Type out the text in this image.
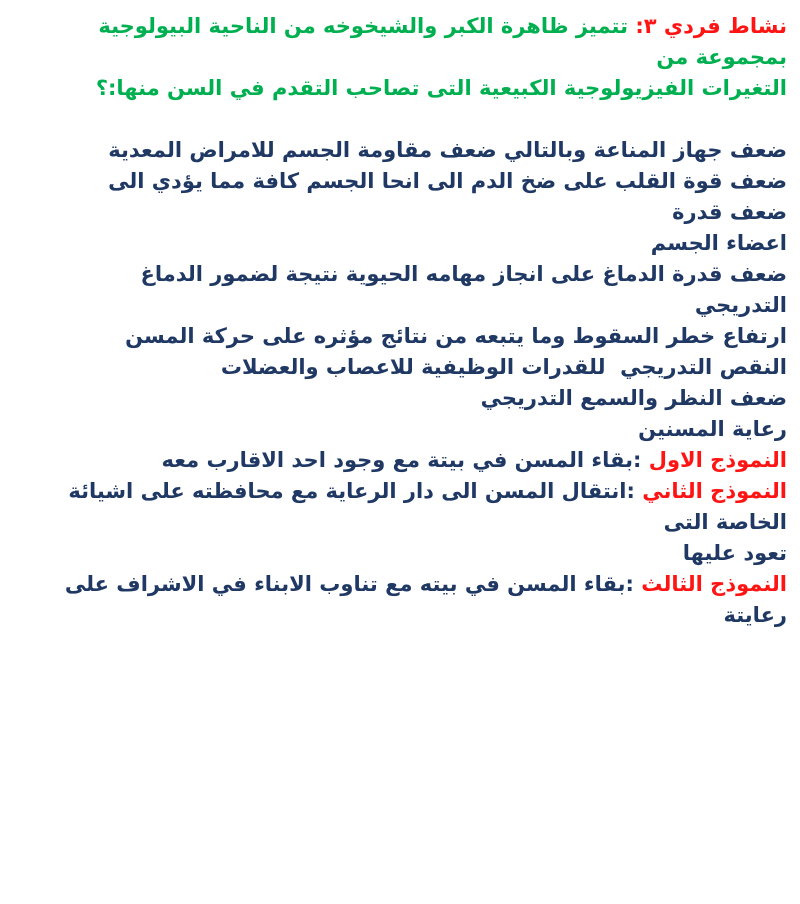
نشاط فردي ٣: تتميز ظاهرة الكبر والشيخوخه من الناحية البيولوجية بمجموعة من
التغيرات الفيزيولوجية الكبيعية التى تصاحب التقدم في السن منها:؟
ضعف جهاز المناعة وبالتالي ضعف مقاومة الجسم للامراض المعدية
ضعف قوة القلب على ضخ الدم الى انحا الجسم كافة مما يؤدي الى ضعف قدرة
اعضاء الجسم
ضعف قدرة الدماغ على انجاز مهامه الحيوية نتيجة لضمور الدماغ التدريجي
ارتفاع خطر السقوط وما يتبعه من نتائج مؤثره على حركة المسن
النقص التدريجي  للقدرات الوظيفية للاعصاب والعضلات
ضعف النظر والسمع التدريجي
رعاية المسنين
النموذج الاول :بقاء المسن في بيتة مع وجود احد الاقارب معه
النموذج الثاني :انتقال المسن الى دار الرعاية مع محافظته على اشيائة الخاصة التى
تعود عليها
النموذج الثالث :بقاء المسن في بيته مع تناوب الابناء في الاشراف على رعايتة
